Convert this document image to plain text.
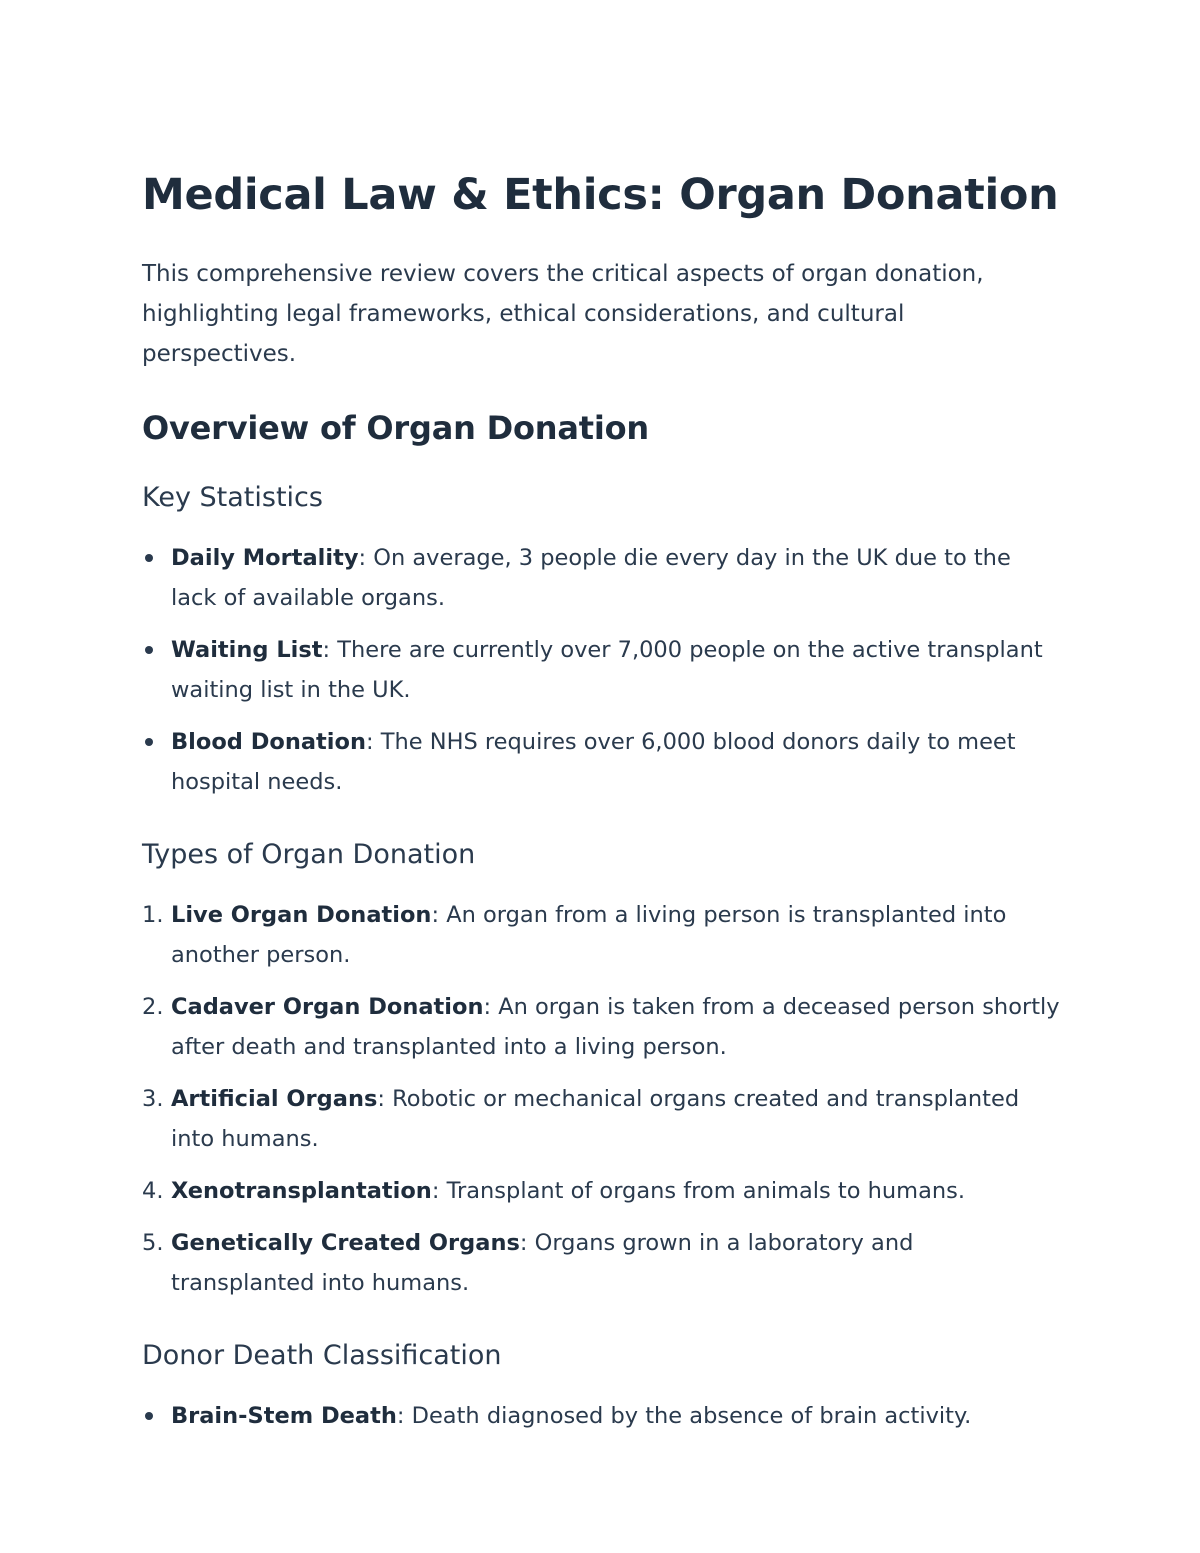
Medical Law & Ethics: Organ Donation

This comprehensive review covers the critical aspects of organ donation, highlighting legal frameworks, ethical considerations, and cultural perspectives.

Overview of Organ Donation
Key Statistics
Daily Mortality: On average, 3 people die every day in the UK due to the lack of available organs.
Waiting List: There are currently over 7,000 people on the active transplant waiting list in the UK.
Blood Donation: The NHS requires over 6,000 blood donors daily to meet hospital needs.
Types of Organ Donation
1. Live Organ Donation: An organ from a living person is transplanted into another person.
2. Cadaver Organ Donation: An organ is taken from a deceased person shortly after death and transplanted into a living person.
3. Artificial Organs: Robotic or mechanical organs created and transplanted into humans.
4. Xenotransplantation: Transplant of organs from animals to humans.
5. Genetically Created Organs: Organs grown in a laboratory and transplanted into humans.
Donor Death Classification
Brain-Stem Death: Death diagnosed by the absence of brain activity.
